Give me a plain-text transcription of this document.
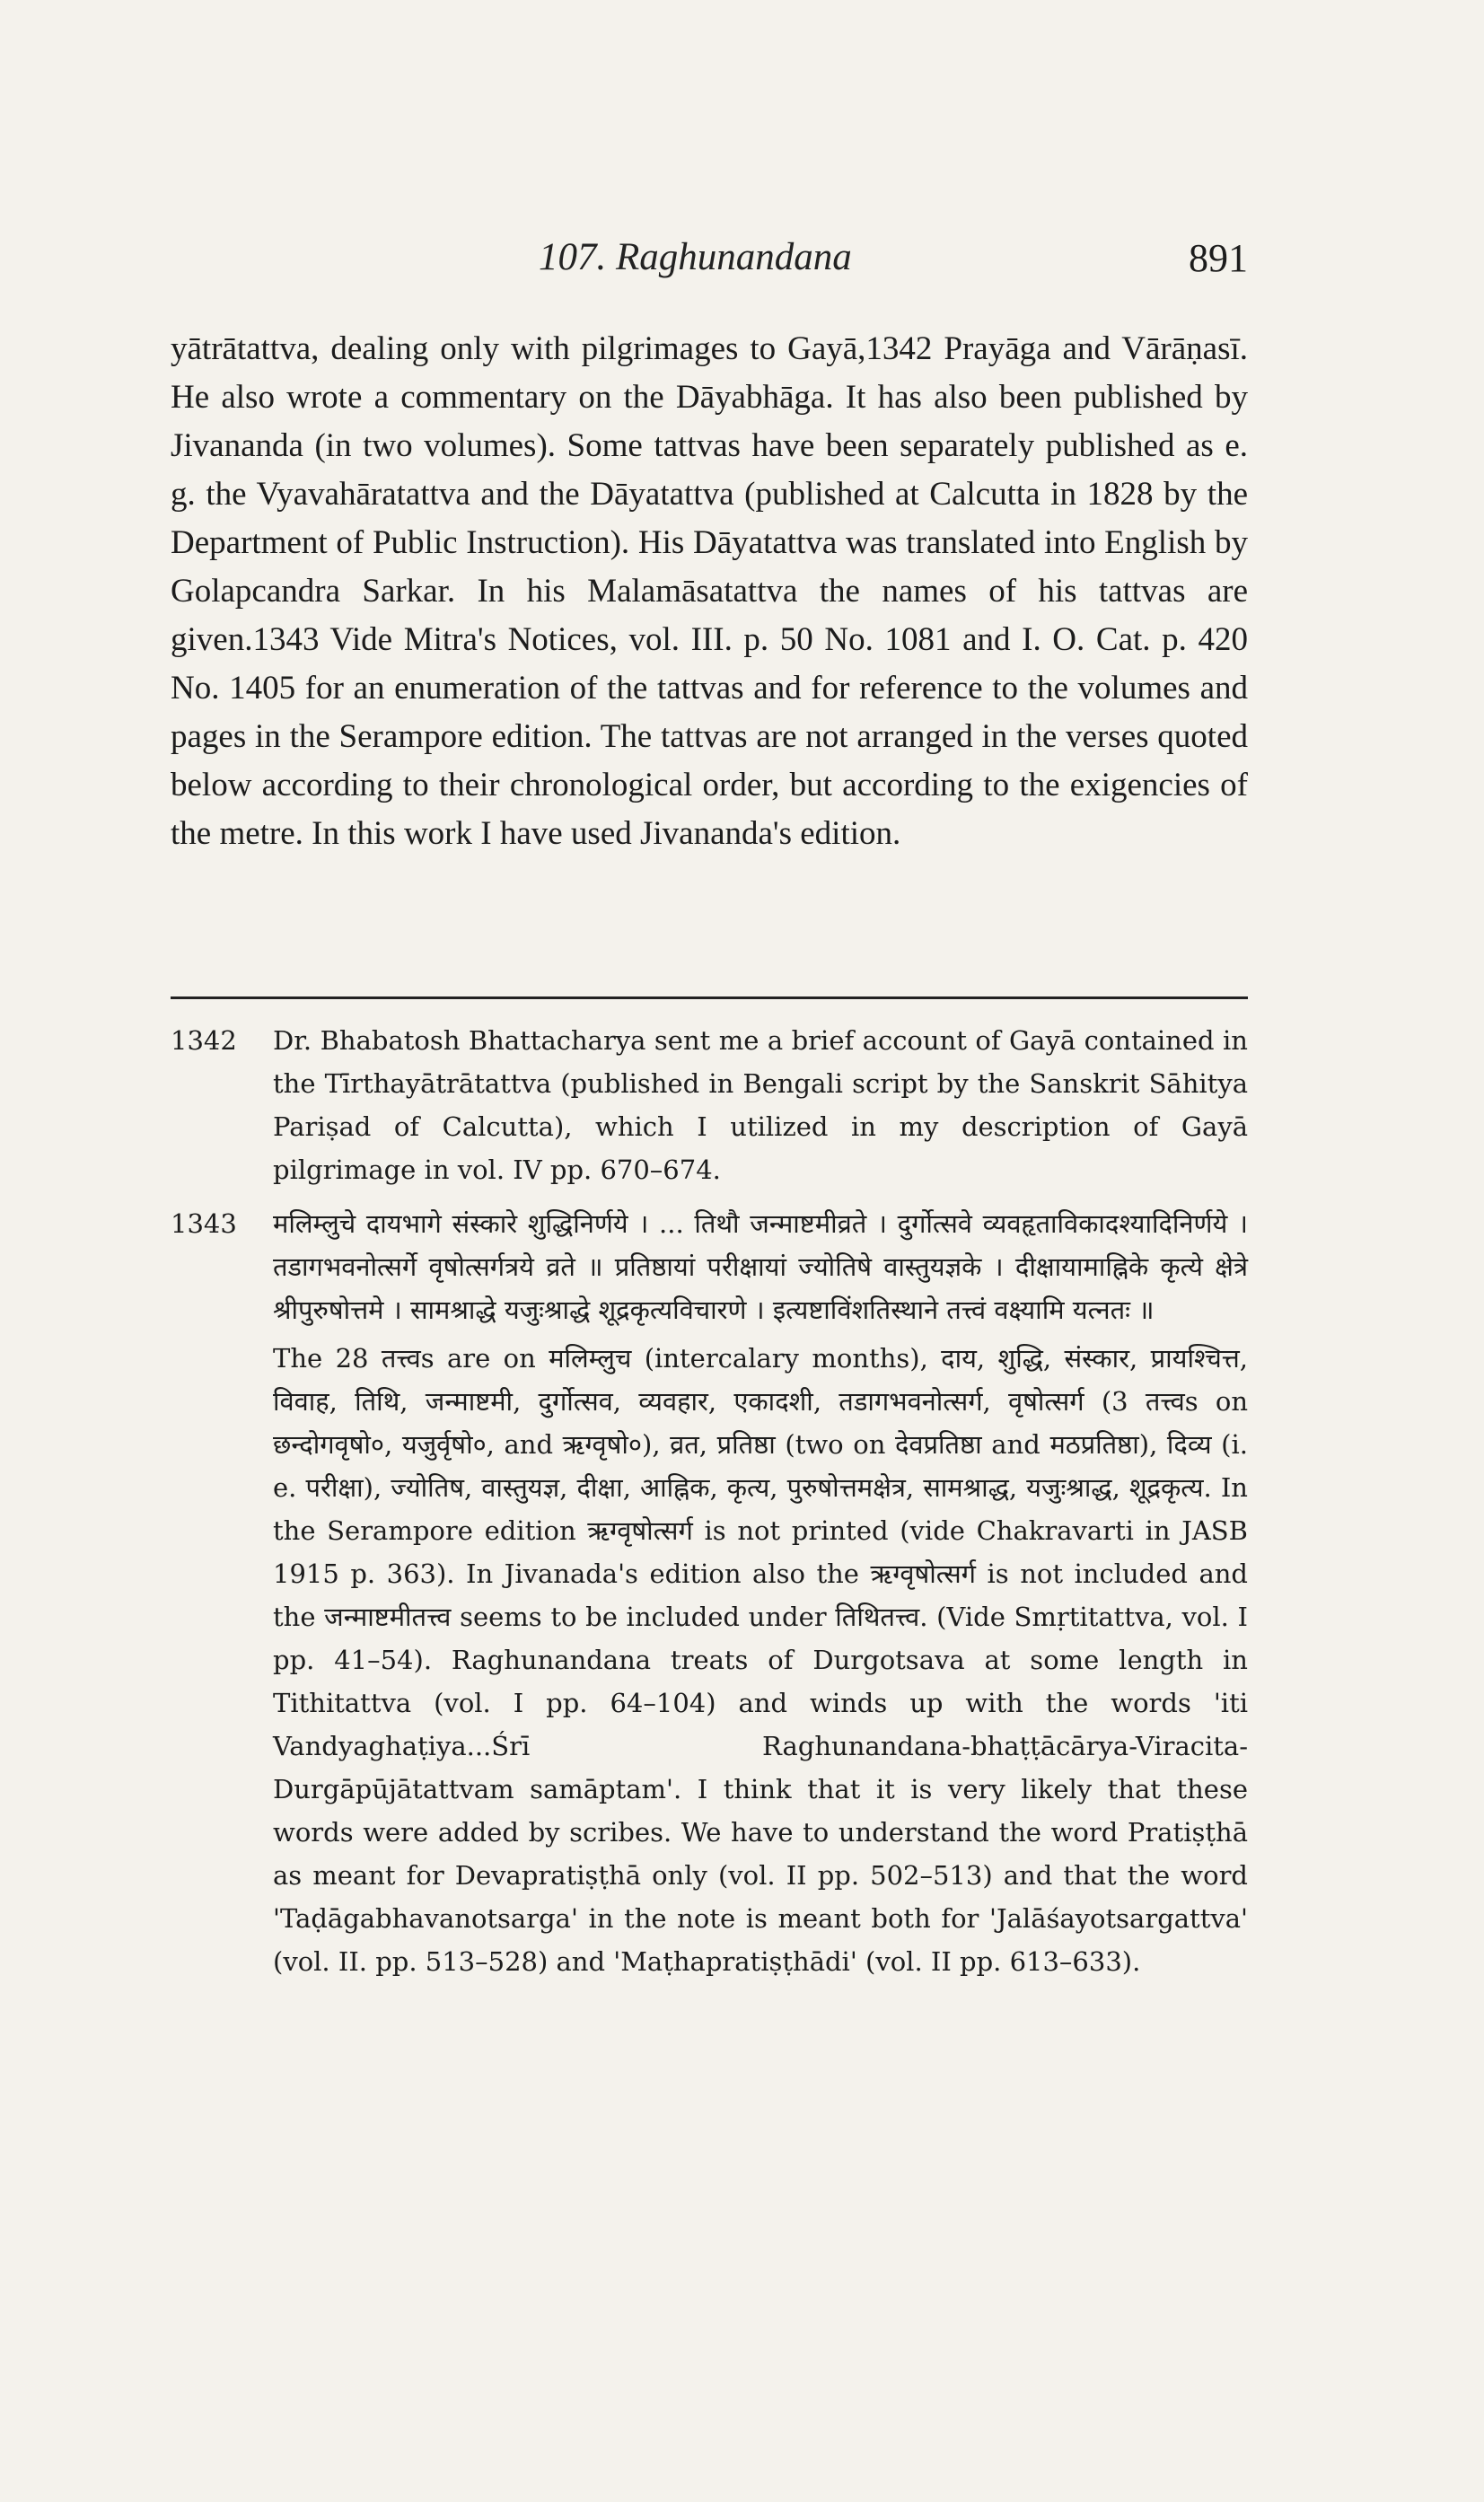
107. Raghunandana	891

yātrātattva, dealing only with pilgrimages to Gayā,1342 Prayāga and Vārāṇasī. He also wrote a commentary on the Dāyabhāga. It has also been published by Jivananda (in two volumes). Some tattvas have been separately published as e. g. the Vyavahāratattva and the Dāyatattva (published at Calcutta in 1828 by the Department of Public Instruction). His Dāyatattva was translated into English by Golapcandra Sarkar. In his Malamāsatattva the names of his tattvas are given.1343 Vide Mitra's Notices, vol. III. p. 50 No. 1081 and I. O. Cat. p. 420 No. 1405 for an enumeration of the tattvas and for reference to the volumes and pages in the Serampore edition. The tattvas are not arranged in the verses quoted below according to their chronological order, but according to the exigencies of the metre. In this work I have used Jivananda's edition.

1342 Dr. Bhabatosh Bhattacharya sent me a brief account of Gayā contained in the Tīrthayātrātattva (published in Bengali script by the Sanskrit Sāhitya Pariṣad of Calcutta), which I utilized in my description of Gayā pilgrimage in vol. IV pp. 670–674.

1343 मलिम्लुचे दायभागे संस्कारे शुद्धिनिर्णये । ... तिथौ जन्माष्टमीव्रते । दुर्गोत्सवे व्यवहृताविकादश्यादिनिर्णये । तडागभवनोत्सर्गे वृषोत्सर्गत्रये व्रते ॥ प्रतिष्ठायां परीक्षायां ज्योतिषे वास्तुयज्ञके । दीक्षायामाह्निके कृत्ये क्षेत्रे श्रीपुरुषोत्तमे । सामश्राद्धे यजुःश्राद्धे शूद्रकृत्यविचारणे । इत्यष्टाविंशतिस्थाने तत्त्वं वक्ष्यामि यत्नतः ॥

The 28 तत्त्वs are on मलिम्लुच (intercalary months), दाय, शुद्धि, संस्कार, प्रायश्चित्त, विवाह, तिथि, जन्माष्टमी, दुर्गोत्सव, व्यवहार, एकादशी, तडागभवनोत्सर्ग, वृषोत्सर्ग (3 तत्त्वs on छन्दोगवृषो०, यजुर्वृषो०, and ऋग्वृषो०), व्रत, प्रतिष्ठा (two on देवप्रतिष्ठा and मठप्रतिष्ठा), दिव्य (i. e. परीक्षा), ज्योतिष, वास्तुयज्ञ, दीक्षा, आह्निक, कृत्य, पुरुषोत्तमक्षेत्र, सामश्राद्ध, यजुःश्राद्ध, शूद्रकृत्य. In the Serampore edition ऋग्वृषोत्सर्ग is not printed (vide Chakravarti in JASB 1915 p. 363). In Jivanada's edition also the ऋग्वृषोत्सर्ग is not included and the जन्माष्टमीतत्त्व seems to be included under तिथितत्त्व. (Vide Smṛtitattva, vol. I pp. 41–54). Raghunandana treats of Durgotsava at some length in Tithitattva (vol. I pp. 64–104) and winds up with the words 'iti Vandyaghaṭiya...Śrī Raghunandana-bhaṭṭācārya-Viracita-Durgāpūjātattvam samāptam'. I think that it is very likely that these words were added by scribes. We have to understand the word Pratiṣṭhā as meant for Devapratiṣṭhā only (vol. II pp. 502–513) and that the word 'Taḍāgabhavanotsarga' in the note is meant both for 'Jalāśayotsargattva' (vol. II. pp. 513–528) and 'Maṭhapratiṣṭhādi' (vol. II pp. 613–633).
